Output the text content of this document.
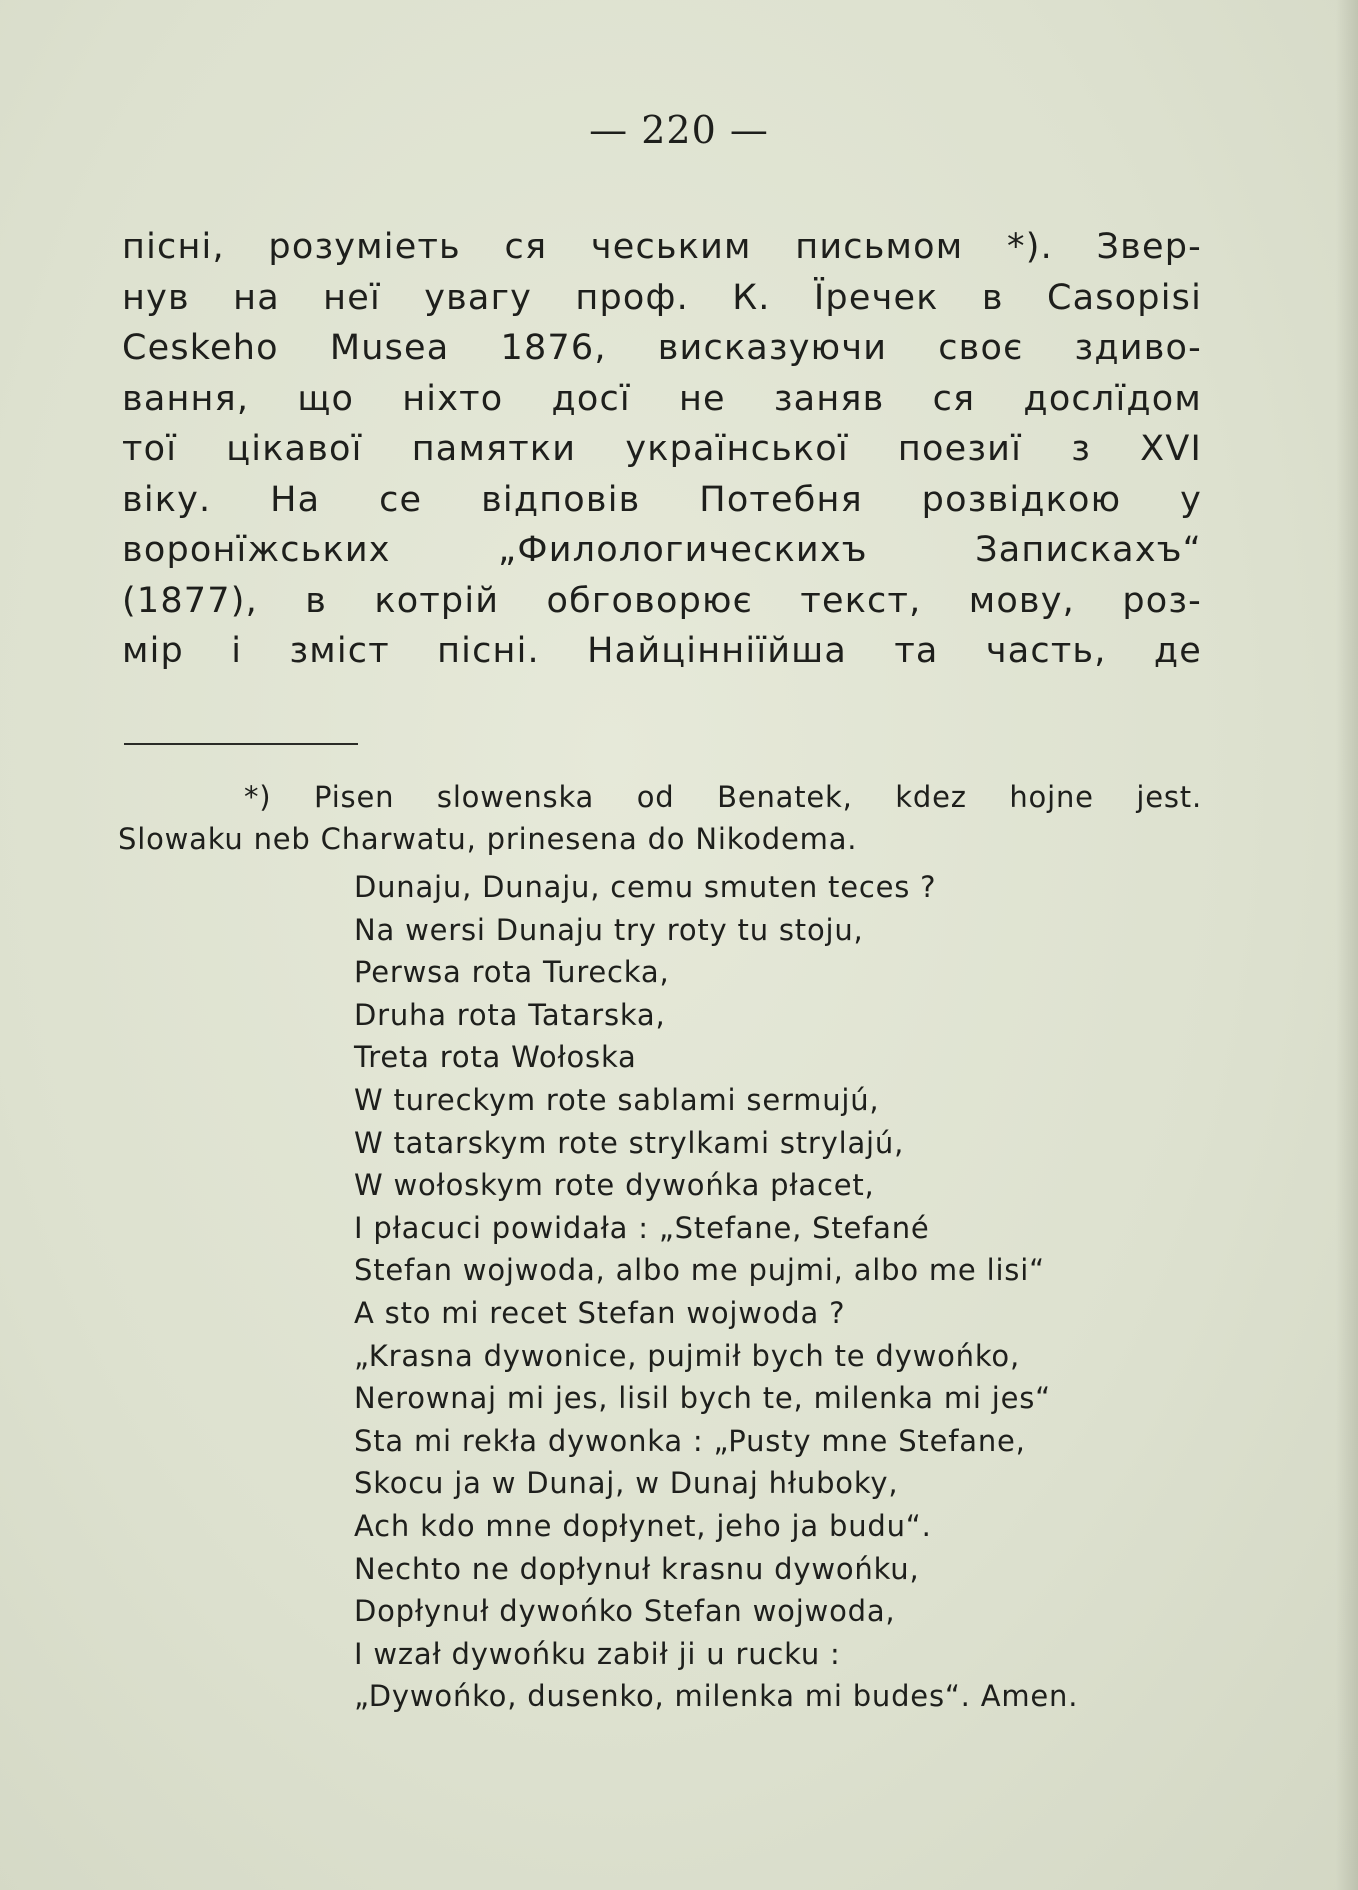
— 220 —
пісні, розуміеть ся чеським письмом *). Звер-
нув на неї увагу проф. К. Їречек в Casopisi
Ceskeho Musea 1876, висказуючи своє здиво-
вання, що ніхто досї не заняв ся дослїдом
тої цікавої памятки української поезиї з XVI
віку. На се відповів Потебня розвідкою у
воронїжських „Филологическихъ Запискахъ“
(1877), в котрій обговорює текст, мову, роз-
мір і зміст пісні. Найцінніїйша та часть, де
*) Pisen slowenska od Benatek, kdez hojne jest.
Slowaku neb Charwatu, prinesena do Nikodema.
Dunaju, Dunaju, cemu smuten teces ?
Na wersi Dunaju try roty tu stoju,
Perwsa rota Turecka,
Druha rota Tatarska,
Treta rota Wołoska
W tureckym rote sablami sermujú,
W tatarskym rote strylkami strylajú,
W wołoskym rote dywońka płacet,
I płacuci powidała : „Stefane, Stefané
Stefan wojwoda, albo me pujmi, albo me lisi“
A sto mi recet Stefan wojwoda ?
„Krasna dywonice, pujmił bych te dywońko,
Nerownaj mi jes, lisil bych te, milenka mi jes“
Sta mi rekła dywonka : „Pusty mne Stefane,
Skocu ja w Dunaj, w Dunaj hłuboky,
Ach kdo mne dopłynet, jeho ja budu“.
Nechto ne dopłynuł krasnu dywońku,
Dopłynuł dywońko Stefan wojwoda,
I wzał dywońku zabił ji u rucku :
„Dywońko, dusenko, milenka mi budes“. Amen.
